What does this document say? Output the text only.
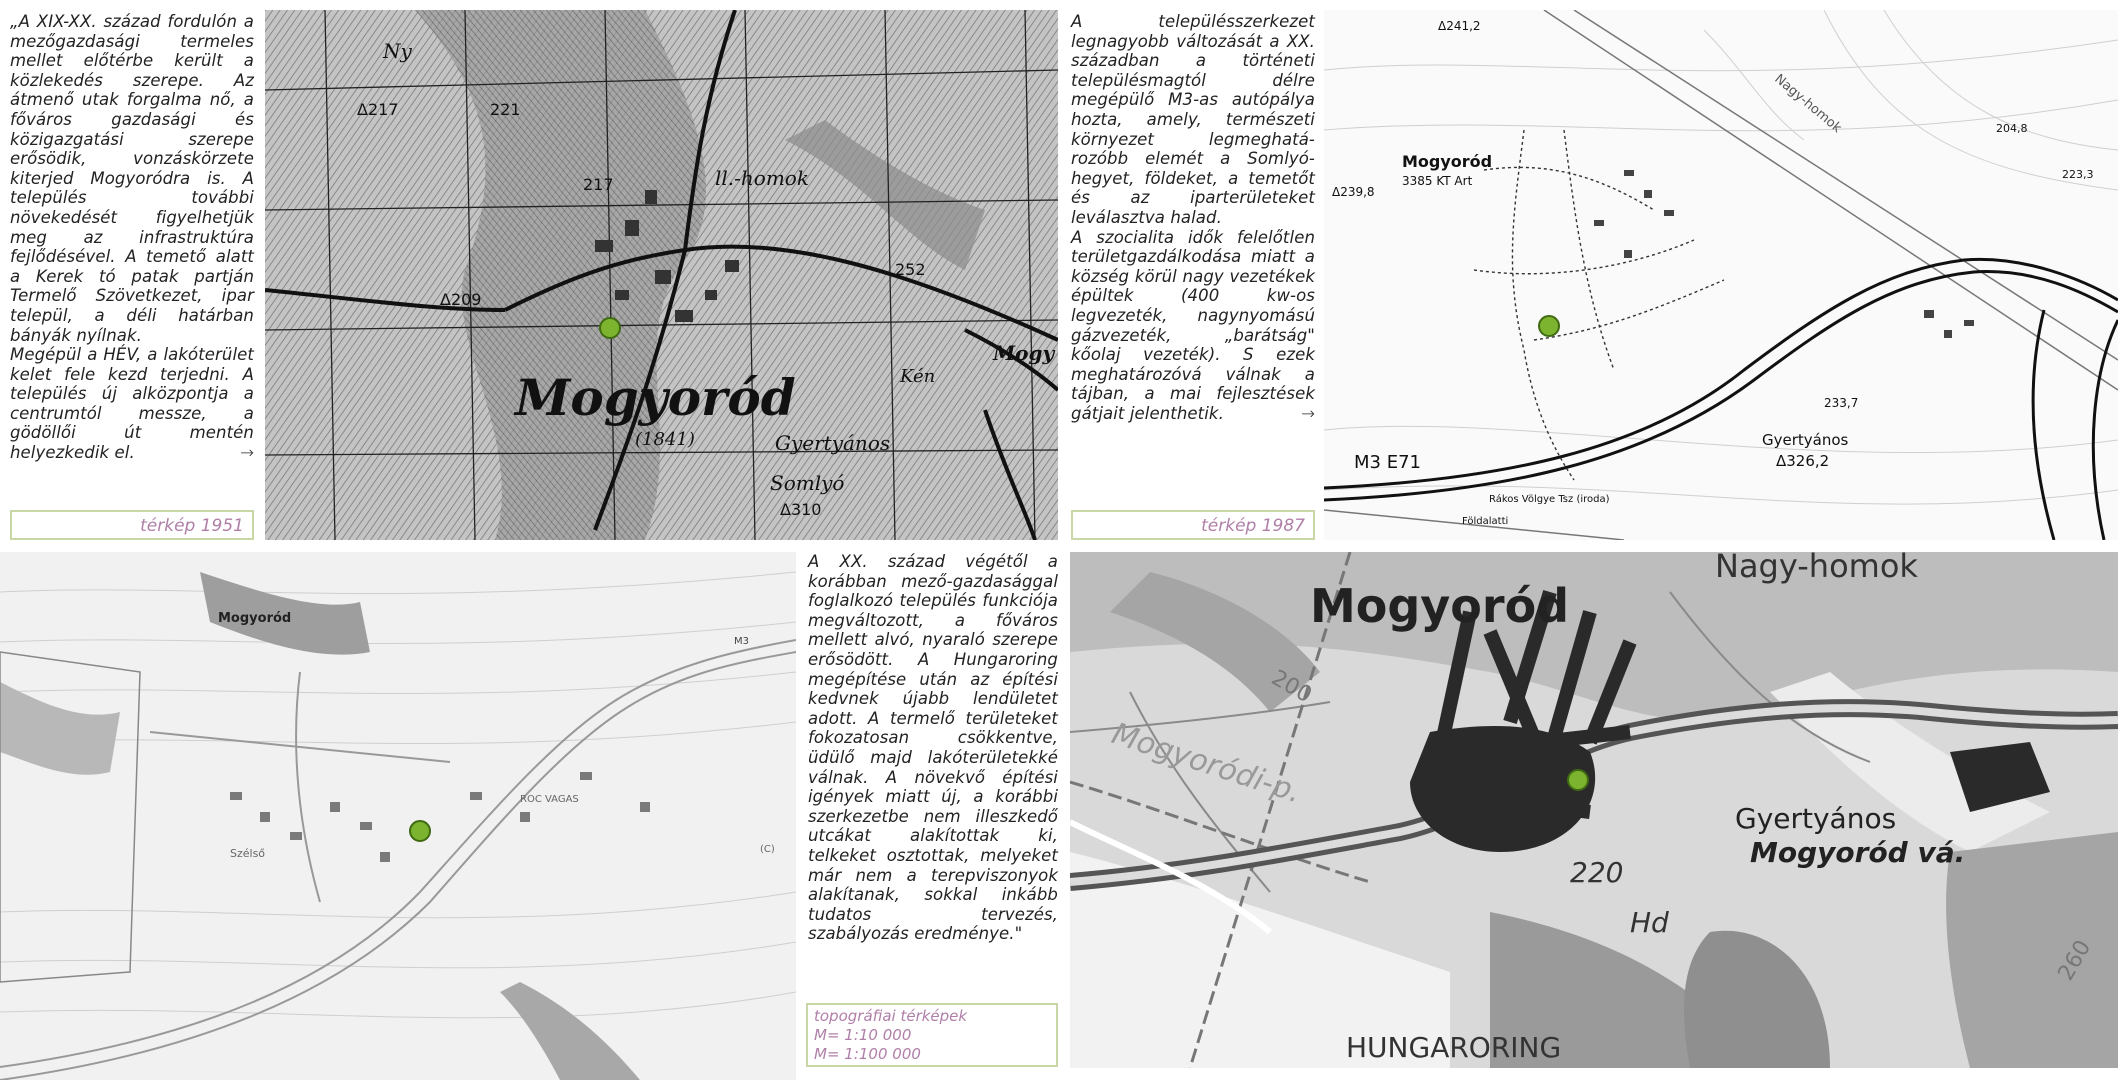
„A XIX-XX. század fordulón a mezőgazdasági termeles mellet előtérbe került a közlekedés szerepe. Az átmenő utak forgalma nő, a főváros gazdasági és közigazgatási szerepe erősödik, vonzáskörzete kiterjed Mogyoródra is. A település további növekedését figyelhetjük meg az infrastruktúra fejlődésével. A temető alatt a Kerek tó patak partján Termelő Szövetkezet, ipar települ, a déli határban bányák nyílnak.

Megépül a HÉV, a lakóterület kelet fele kezd terjedni. A település új alközpontja a centrumtól messze, a gödöllői út mentén helyezkedik el.	→

térkép 1951
Mogyoród
(1841)
Ny
ll.-homok
Gyertyános
Somlyó
Δ310
Δ209
Δ217
217
221
252
Kén
Mogy

A településszerkezet legnagyobb változását a XX. században a történeti településmagtól délre megépülő M3-as autópálya hozta, amely, természeti környezet legmeghatá-rozóbb elemét a Somlyó-hegyet, földeket, a temetőt és az iparterületeket leválasztva halad.

A szocialita idők felelőtlen területgazdálkodása miatt a község körül nagy vezetékek épültek (400 kw-os legvezeték, nagynyomású gázvezeték, „barátság" kőolaj vezeték). S ezek meghatározóvá válnak a tájban, a mai fejlesztések gátjait jelenthetik.	→

térkép 1987
Mogyoród
3385 KT Art
M3 E71
Gyertyános
Δ326,2
Δ241,2
Δ239,8
204,8
223,3
233,7
Nagy-homok
Rákos Völgye Tsz (iroda)
Földalatti
Mogyoród
M3
ROC VAGAS
Szélső	(C)

A XX. század végétől a korábban mező-gazdasággal foglalkozó település funkciója megváltozott, a főváros mellett alvó, nyaraló szerepe erősödött. A Hungaroring megépítése után az építési kedvnek újabb lendületet adott. A termelő területeket fokozatosan csökkentve, üdülő majd lakóterületekké válnak. A növekvő építési igények miatt új, a korábbi szerkezetbe nem illeszkedő utcákat alakítottak ki, telkeket osztottak, melyeket már nem a terepviszonyok alakítanak, sokkal inkább tudatos tervezés, szabályozás eredménye."

topográfiai térképek
M= 1:10 000
M= 1:100 000
Mogyoród
Nagy-homok
Gyertyános
Mogyoród vá.
HUNGARORING
Mogyoródi-p.
200
220
260
Hd
